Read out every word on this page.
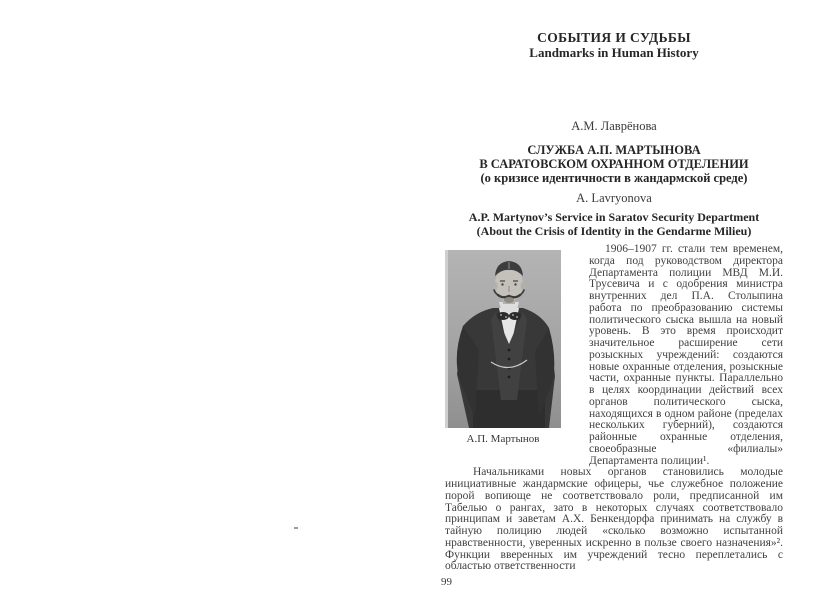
СОБЫТИЯ И СУДЬБЫ
Landmarks in Human History
А.М. Лаврёнова
СЛУЖБА А.П. МАРТЫНОВА
В САРАТОВСКОМ ОХРАННОМ ОТДЕЛЕНИИ
(о кризисе идентичности в жандармской среде)
A. Lavryonova
A.P. Martynov’s Service in Saratov Security Department
(About the Crisis of Identity in the Gendarme Milieu)
А.П. Мартынов

1906–1907 гг. стали тем временем, когда под руководством директора Департамента полиции МВД М.И. Трусевича и с одобрения министра внутренних дел П.А. Столыпина работа по преобразованию системы политического сыска вышла на новый уровень. В это время происходит значительное расширение сети розыскных учреждений: создаются новые охранные отделения, розыскные части, охранные пункты. Параллельно в целях координации действий всех органов политического сыска, находящихся в одном районе (пределах нескольких губерний), создаются районные охранные отделения, своеобразные «филиалы» Департамента полиции¹.

Начальниками новых органов становились молодые инициативные жандармские офицеры, чье служебное положение порой вопиюще не соответствовало роли, предписанной им Табелью о рангах, зато в некоторых случаях соответствовало принципам и заветам А.Х. Бенкендорфа принимать на службу в тайную полицию людей «сколько возможно испытанной нравственности, уверенных искренно в пользе своего назначения»². Функции вверенных им учреждений тесно переплетались с областью ответственности

99
